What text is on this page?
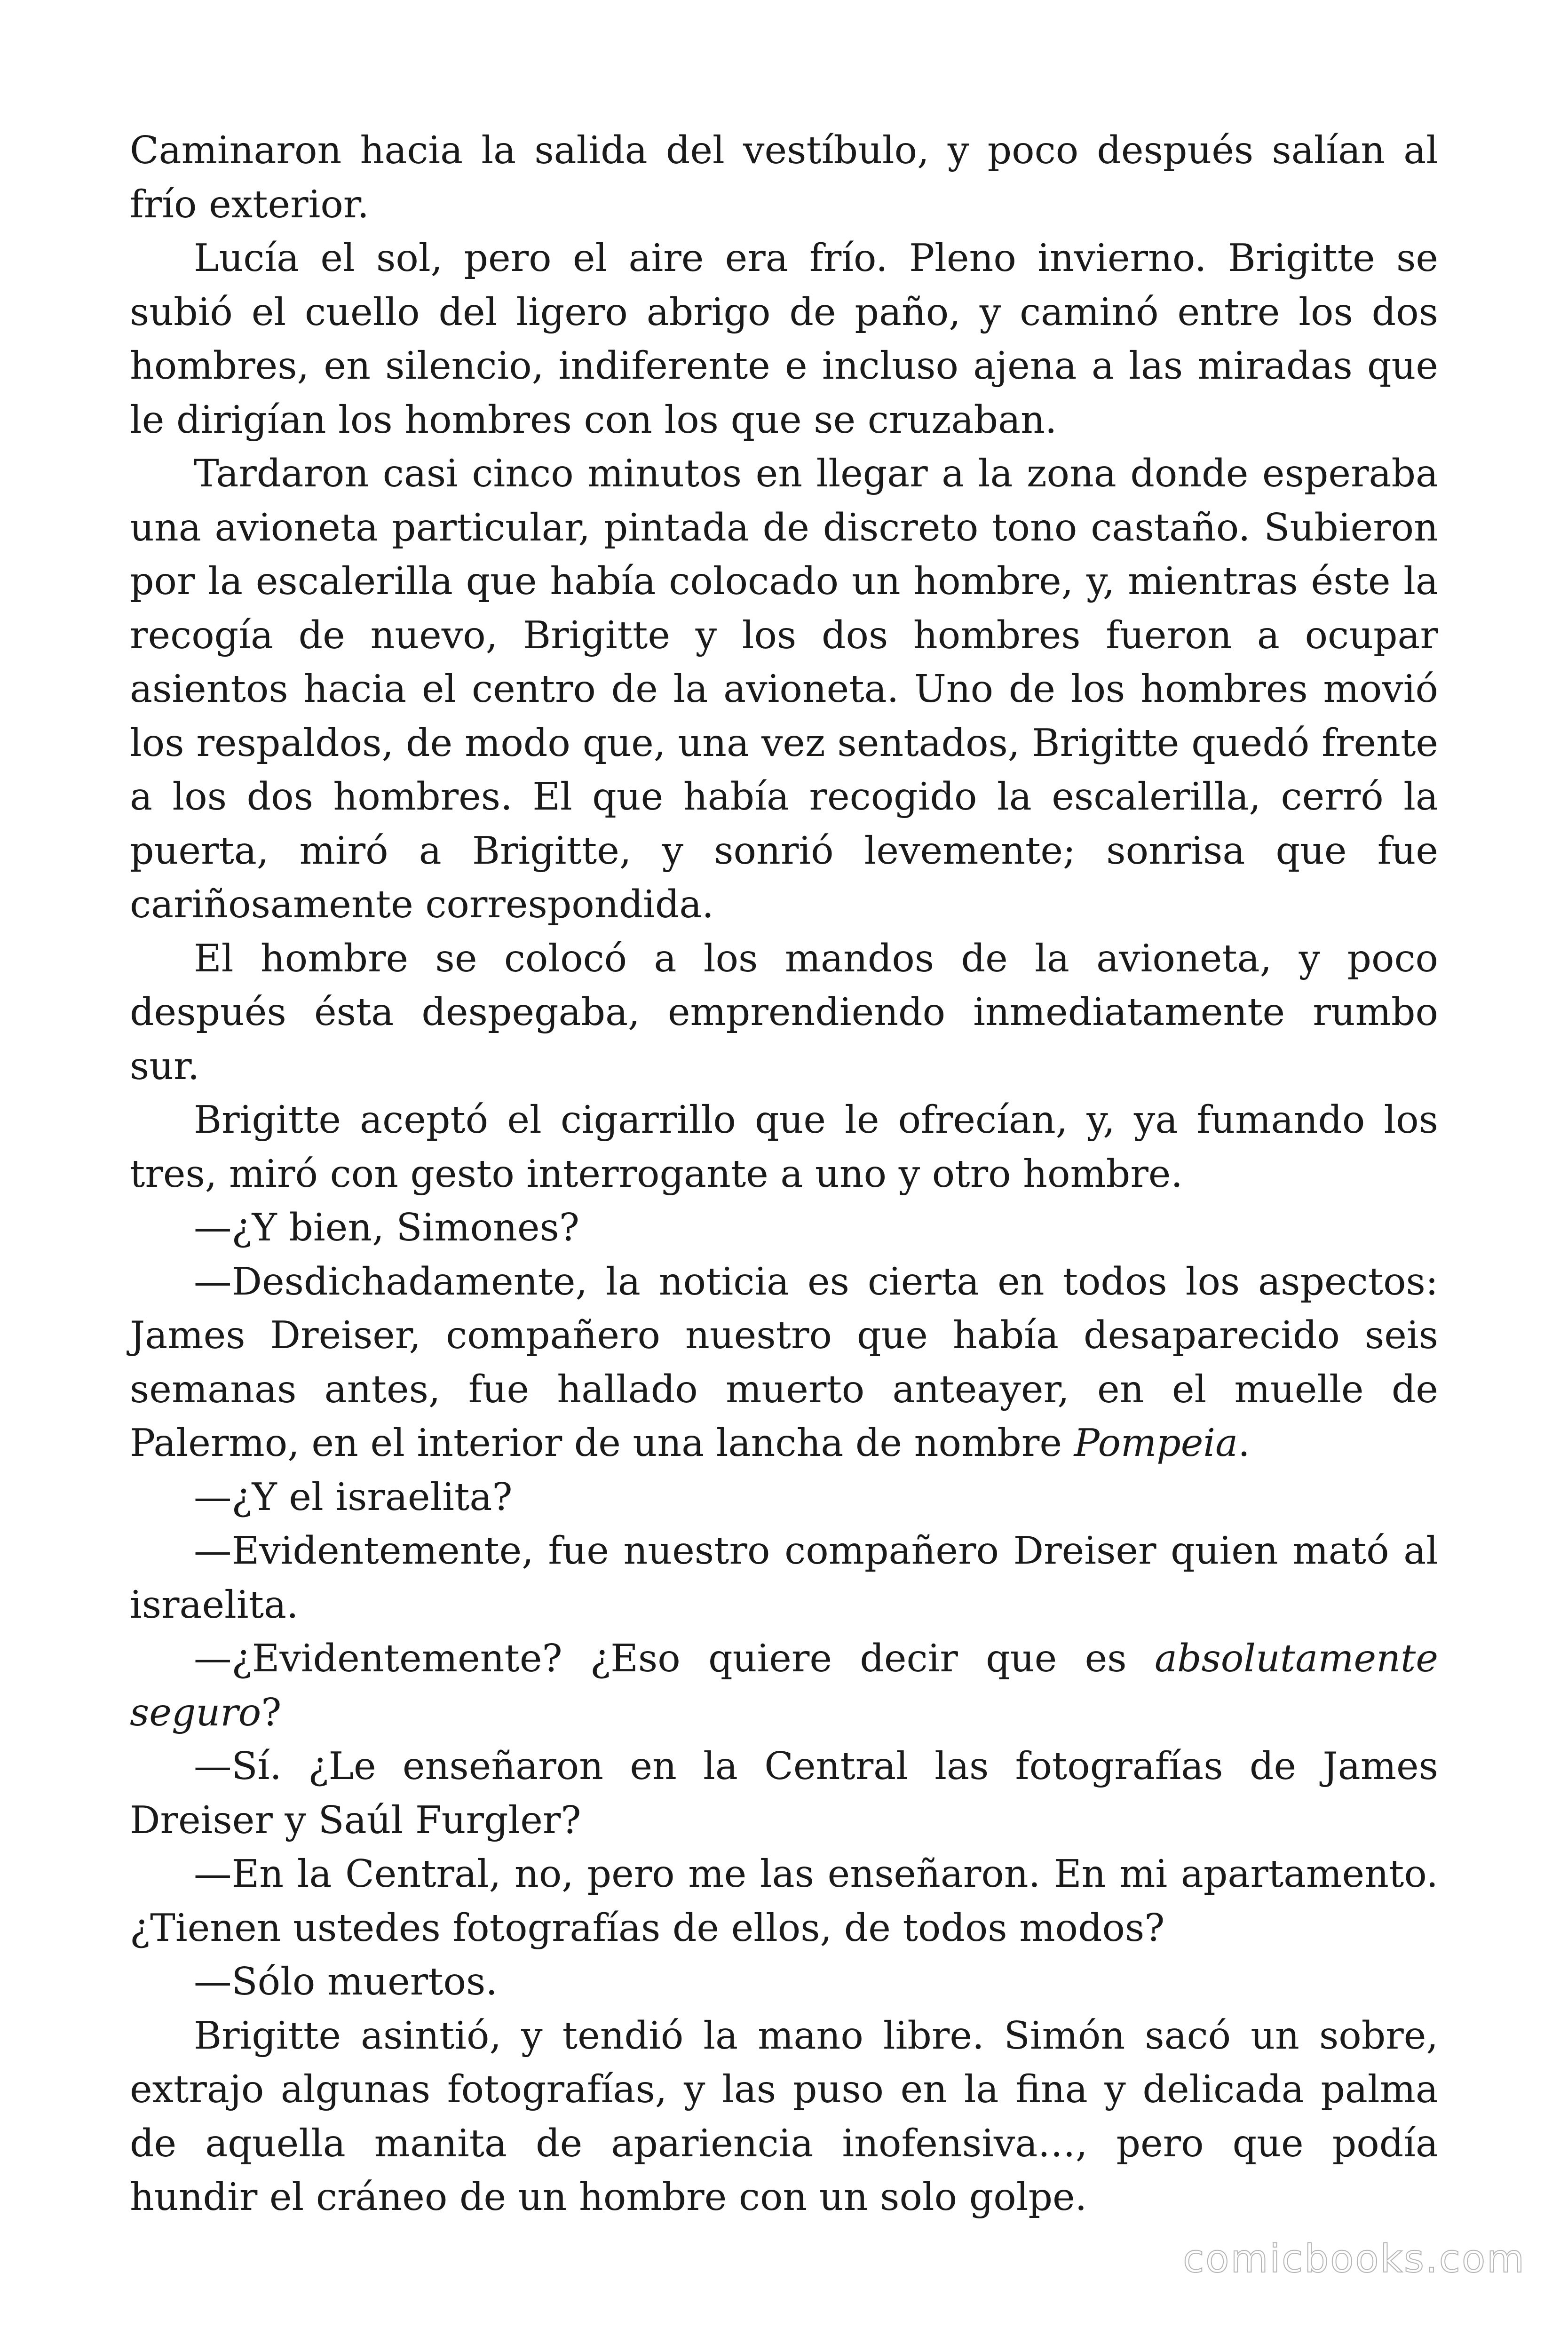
Caminaron hacia la salida del vestíbulo, y poco después salían al frío exterior.

Lucía el sol, pero el aire era frío. Pleno invierno. Brigitte se subió el cuello del ligero abrigo de paño, y caminó entre los dos hombres, en silencio, indiferente e incluso ajena a las miradas que le dirigían los hombres con los que se cruzaban.

Tardaron casi cinco minutos en llegar a la zona donde esperaba una avioneta particular, pintada de discreto tono castaño. Subieron por la escalerilla que había colocado un hombre, y, mientras éste la recogía de nuevo, Brigitte y los dos hombres fueron a ocupar asientos hacia el centro de la avioneta. Uno de los hombres movió los respaldos, de modo que, una vez sentados, Brigitte quedó frente a los dos hombres. El que había recogido la escalerilla, cerró la puerta, miró a Brigitte, y sonrió levemente; sonrisa que fue cariñosamente correspondida.

El hombre se colocó a los mandos de la avioneta, y poco después ésta despegaba, emprendiendo inmediatamente rumbo sur.

Brigitte aceptó el cigarrillo que le ofrecían, y, ya fumando los tres, miró con gesto interrogante a uno y otro hombre.

—¿Y bien, Simones?

—Desdichadamente, la noticia es cierta en todos los aspectos: James Dreiser, compañero nuestro que había desaparecido seis semanas antes, fue hallado muerto anteayer, en el muelle de Palermo, en el interior de una lancha de nombre Pompeia.

—¿Y el israelita?

—Evidentemente, fue nuestro compañero Dreiser quien mató al israelita.

—¿Evidentemente? ¿Eso quiere decir que es absolutamente seguro?

—Sí. ¿Le enseñaron en la Central las fotografías de James Dreiser y Saúl Furgler?

—En la Central, no, pero me las enseñaron. En mi apartamento. ¿Tienen ustedes fotografías de ellos, de todos modos?

—Sólo muertos.

Brigitte asintió, y tendió la mano libre. Simón sacó un sobre, extrajo algunas fotografías, y las puso en la fina y delicada palma de aquella manita de apariencia inofensiva…, pero que podía hundir el cráneo de un hombre con un solo golpe.

comicbooks.com
